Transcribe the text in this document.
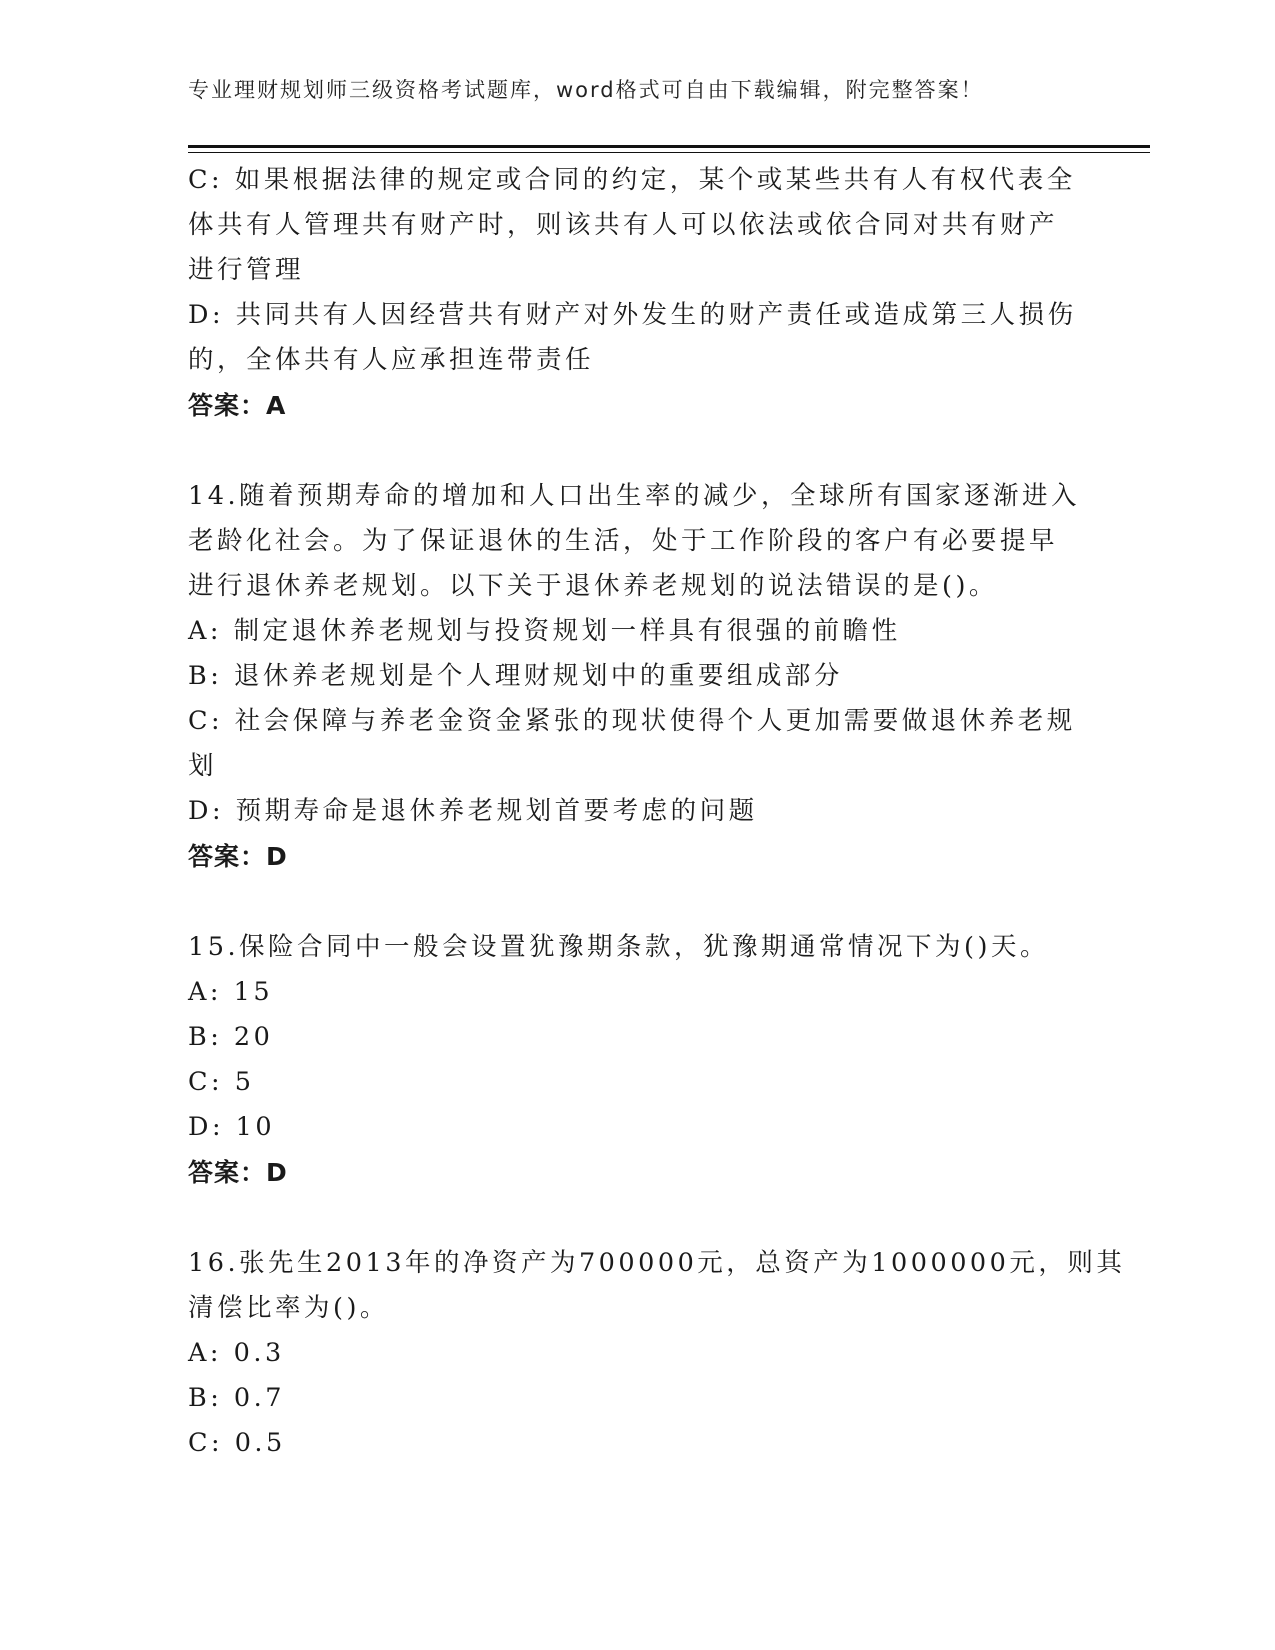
专业理财规划师三级资格考试题库，word格式可自由下载编辑，附完整答案！
C: 如果根据法律的规定或合同的约定，某个或某些共有人有权代表全
体共有人管理共有财产时，则该共有人可以依法或依合同对共有财产
进行管理
D: 共同共有人因经营共有财产对外发生的财产责任或造成第三人损伤
的，全体共有人应承担连带责任
答案：A
14.随着预期寿命的增加和人口出生率的减少，全球所有国家逐渐进入
老龄化社会。为了保证退休的生活，处于工作阶段的客户有必要提早
进行退休养老规划。以下关于退休养老规划的说法错误的是()。
A: 制定退休养老规划与投资规划一样具有很强的前瞻性
B: 退休养老规划是个人理财规划中的重要组成部分
C: 社会保障与养老金资金紧张的现状使得个人更加需要做退休养老规
划
D: 预期寿命是退休养老规划首要考虑的问题
答案：D
15.保险合同中一般会设置犹豫期条款，犹豫期通常情况下为()天。
A: 15
B: 20
C: 5
D: 10
答案：D
16.张先生2013年的净资产为700000元，总资产为1000000元，则其
清偿比率为()。
A: 0.3
B: 0.7
C: 0.5
